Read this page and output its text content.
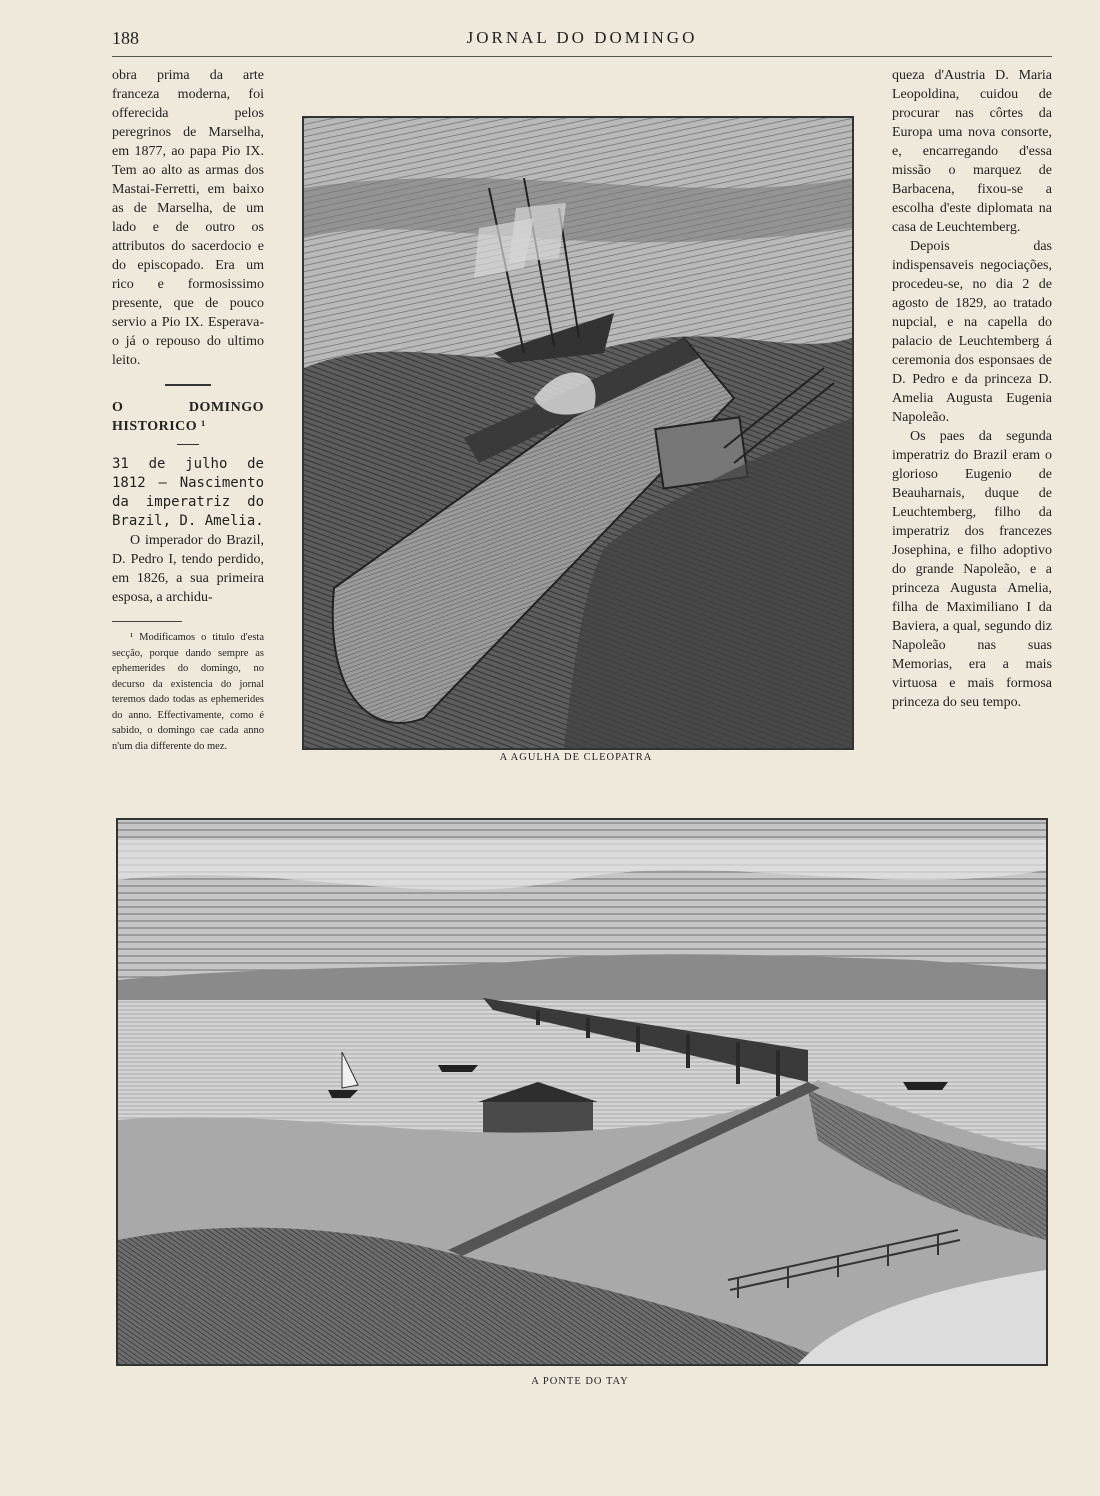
188	JORNAL DO DOMINGO

obra prima da arte franceza moderna, foi offerecida pelos peregrinos de Marselha, em 1877, ao papa Pio IX. Tem ao alto as armas dos Mastai-Ferretti, em baixo as de Marselha, de um lado e de outro os attributos do sacerdocio e do episcopado. Era um rico e formosissimo presente, que de pouco servio a Pio IX. Esperava-o já o repouso do ultimo leito.

O DOMINGO HISTORICO ¹

31 de julho de 1812 — Nascimento da imperatriz do Brazil, D. Amelia.

O imperador do Brazil, D. Pedro I, tendo perdido, em 1826, a sua primeira esposa, a archidu-

¹ Modificamos o titulo d'esta secção, porque dando sempre as ephemerides do domingo, no decurso da existencia do jornal teremos dado todas as ephemerides do anno. Effectivamente, como é sabido, o domingo cae cada anno n'um dia differente do mez.

queza d'Austria D. Maria Leopoldina, cuidou de procurar nas côrtes da Europa uma nova consorte, e, encarregando d'essa missão o marquez de Barbacena, fixou-se a escolha d'este diplomata na casa de Leuchtemberg.

Depois das indispensaveis negociações, procedeu-se, no dia 2 de agosto de 1829, ao tratado nupcial, e na capella do palacio de Leuchtemberg á ceremonia dos esponsaes de D. Pedro e da princeza D. Amelia Augusta Eugenia Napoleão.

Os paes da segunda imperatriz do Brazil eram o glorioso Eugenio de Beauharnais, duque de Leuchtemberg, filho da imperatriz dos francezes Josephina, e filho adoptivo do grande Napoleão, e a princeza Augusta Amelia, filha de Maximiliano I da Baviera, a qual, segundo diz Napoleão nas suas Memorias, era a mais virtuosa e mais formosa princeza do seu tempo.

A AGULHA DE CLEOPATRA
A PONTE DO TAY
